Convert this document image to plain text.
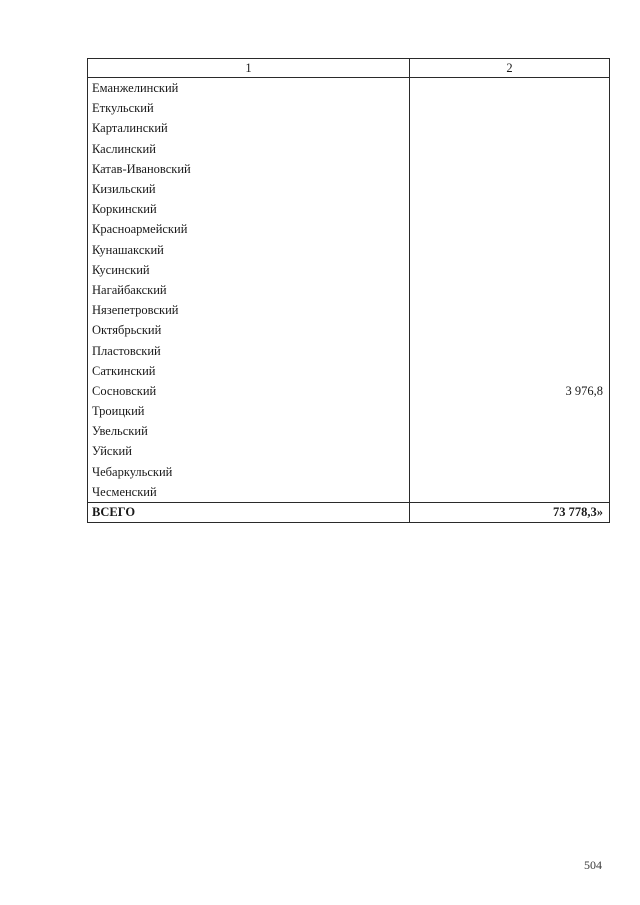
1	2
Еманжелинский	
Еткульский	
Карталинский	
Каслинский	
Катав-Ивановский	
Кизильский	
Коркинский	
Красноармейский	
Кунашакский	
Кусинский	
Нагайбакский	
Нязепетровский	
Октябрьский	
Пластовский	
Саткинский	
Сосновский	3 976,8
Троицкий	
Увельский	
Уйский	
Чебаркульский	
Чесменский	
ВСЕГО	73 778,3»
504
